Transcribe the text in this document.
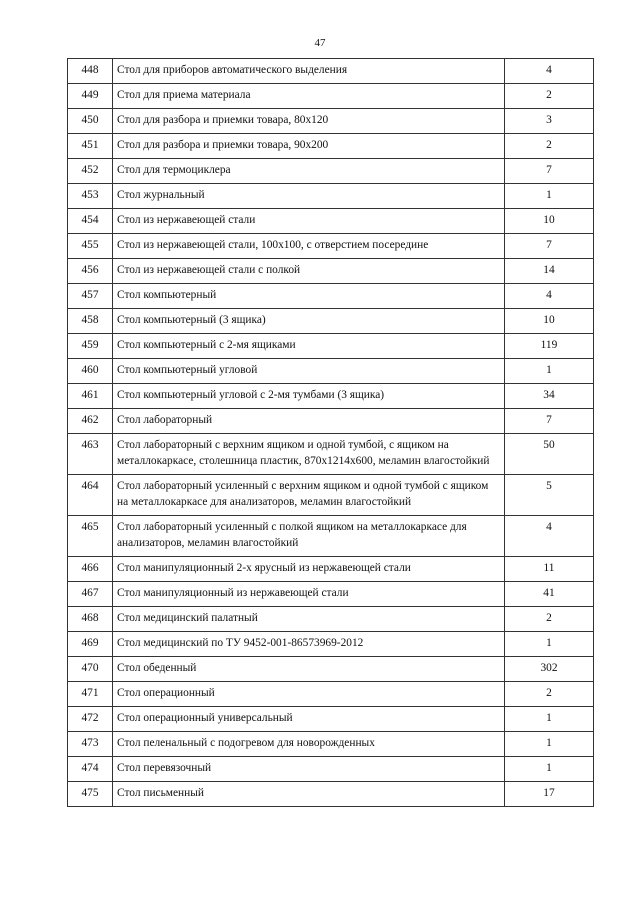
47
448	Стол для приборов автоматического выделения	4
449	Стол для приема материала	2
450	Стол для разбора и приемки товара, 80х120	3
451	Стол для разбора и приемки товара, 90х200	2
452	Стол для термоциклера	7
453	Стол журнальный	1
454	Стол из нержавеющей стали	10
455	Стол из нержавеющей стали, 100х100, с отверстием посередине	7
456	Стол из нержавеющей стали с полкой	14
457	Стол компьютерный	4
458	Стол компьютерный (3 ящика)	10
459	Стол компьютерный с 2-мя ящиками	119
460	Стол компьютерный угловой	1
461	Стол компьютерный угловой с 2-мя тумбами (3 ящика)	34
462	Стол лабораторный	7
463	Стол лабораторный с верхним ящиком и одной тумбой, с ящиком на металлокаркасе, столешница пластик, 870х1214х600, меламин влагостойкий	50
464	Стол лабораторный усиленный с верхним ящиком и одной тумбой с ящиком на металлокаркасе для анализаторов, меламин влагостойкий	5
465	Стол лабораторный усиленный с полкой ящиком на металлокаркасе для анализаторов, меламин влагостойкий	4
466	Стол манипуляционный 2-х ярусный из нержавеющей стали	11
467	Стол манипуляционный из нержавеющей стали	41
468	Стол медицинский палатный	2
469	Стол медицинский по ТУ 9452-001-86573969-2012	1
470	Стол обеденный	302
471	Стол операционный	2
472	Стол операционный универсальный	1
473	Стол пеленальный с подогревом для новорожденных	1
474	Стол перевязочный	1
475	Стол письменный	17
